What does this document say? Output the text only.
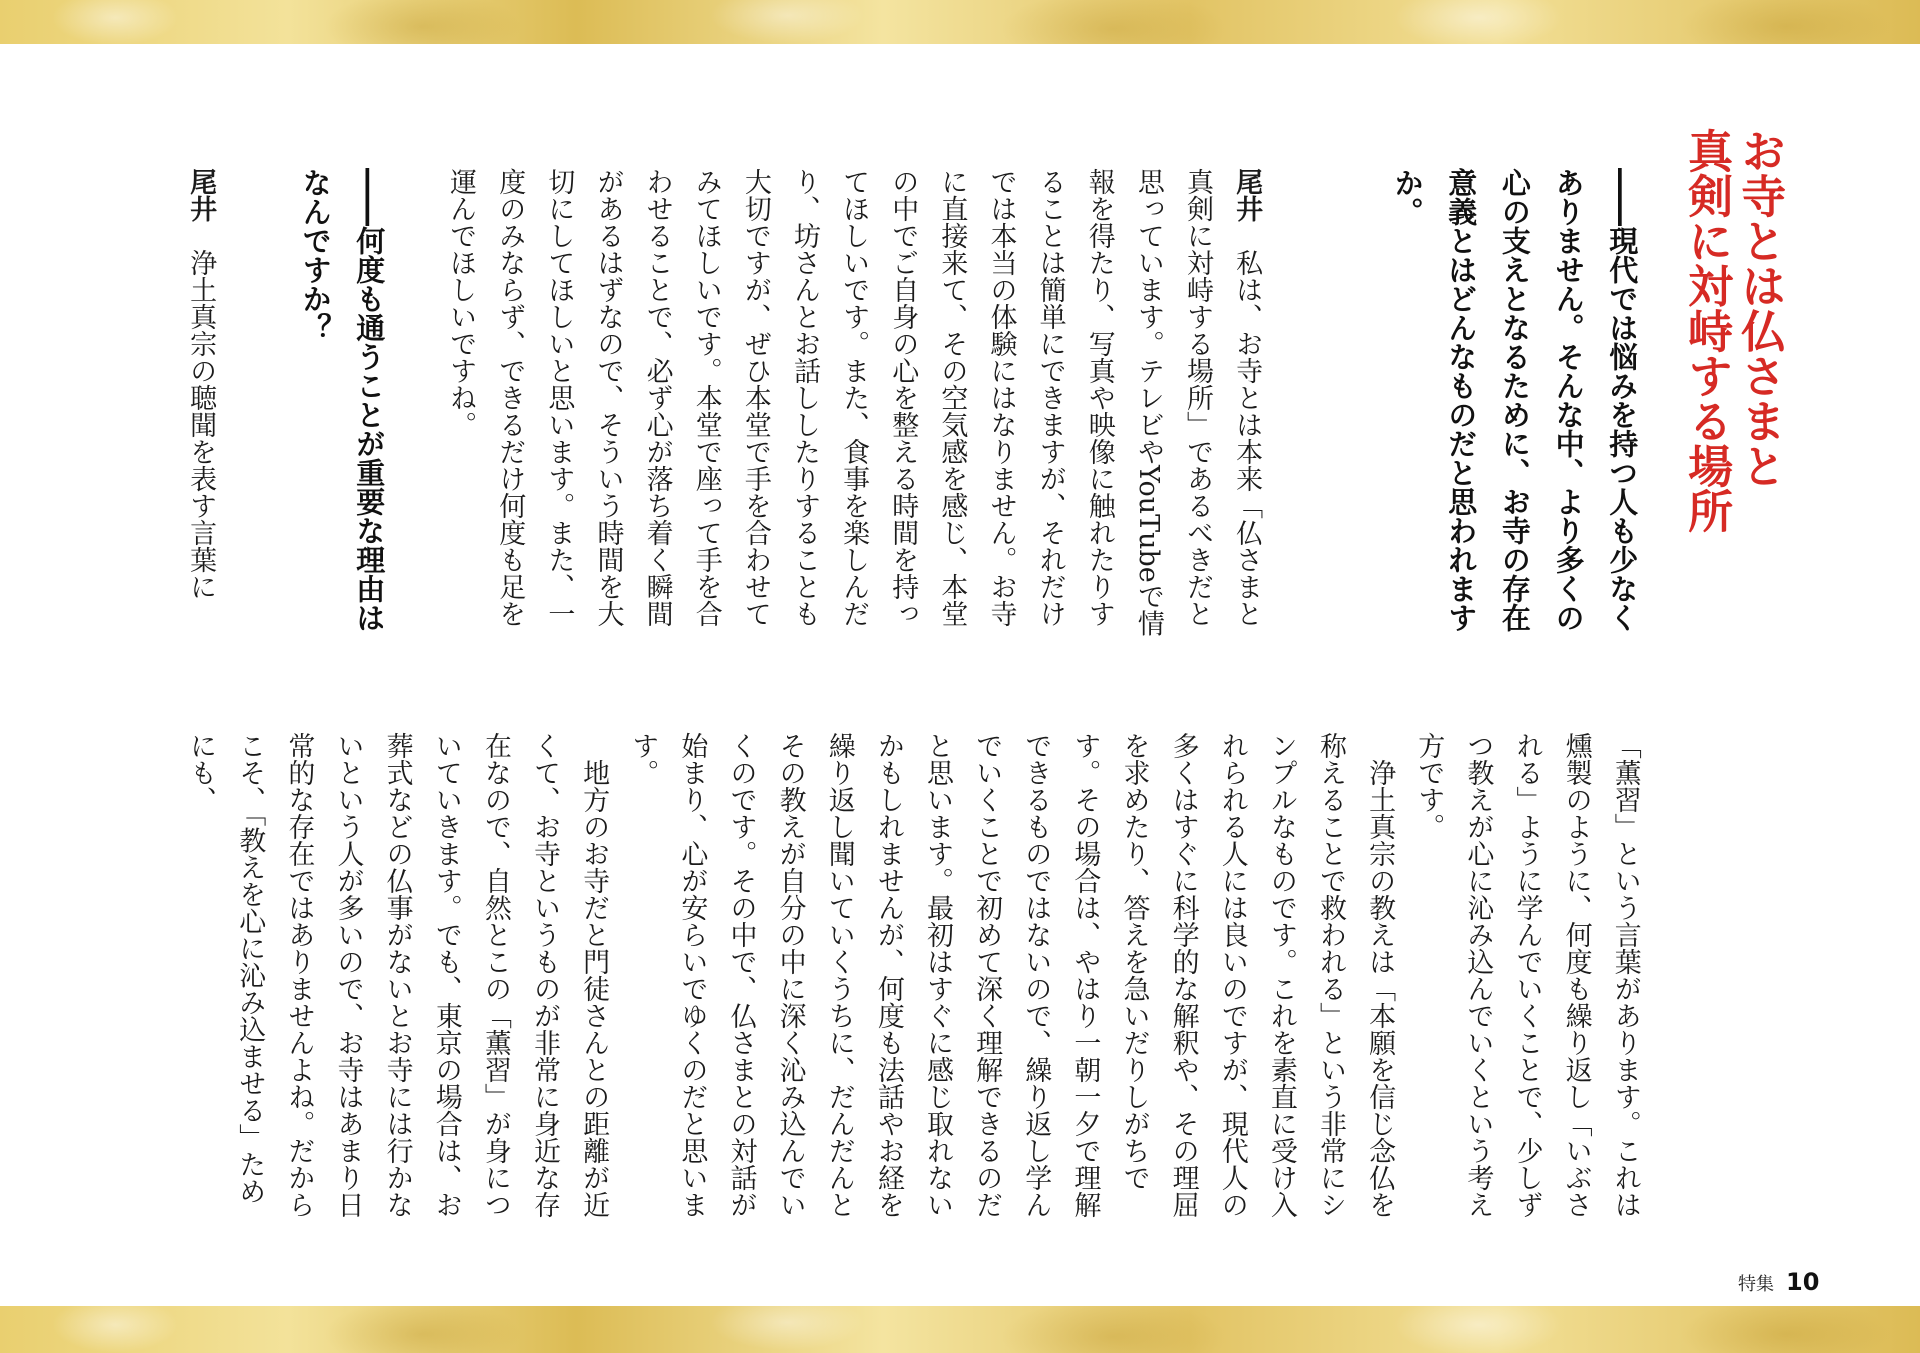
お寺とは仏さまと
真剣に対峙する場所
――現代では悩みを持つ人も少なくありません。そんな中、より多くの心の支えとなるために、お寺の存在意義とはどんなものだと思われますか。

尾井　私は、お寺とは本来「仏さまと真剣に対峙する場所」であるべきだと思っています。テレビやYouTubeで情報を得たり、写真や映像に触れたりすることは簡単にできますが、それだけでは本当の体験にはなりません。お寺に直接来て、その空気感を感じ、本堂の中でご自身の心を整える時間を持ってほしいです。また、食事を楽しんだり、坊さんとお話ししたりすることも大切ですが、ぜひ本堂で手を合わせてみてほしいです。本堂で座って手を合わせることで、必ず心が落ち着く瞬間があるはずなので、そういう時間を大切にしてほしいと思います。また、一度のみならず、できるだけ何度も足を運んでほしいですね。

――何度も通うことが重要な理由はなんですか？

尾井　浄土真宗の聴聞を表す言葉に

「薫習」という言葉があります。これは燻製のように、何度も繰り返し「いぶされる」ように学んでいくことで、少しずつ教えが心に沁み込んでいくという考え方です。

浄土真宗の教えは「本願を信じ念仏を称えることで救われる」という非常にシンプルなものです。これを素直に受け入れられる人には良いのですが、現代人の多くはすぐに科学的な解釈や、その理屈を求めたり、答えを急いだりしがちです。その場合は、やはり一朝一夕で理解できるものではないので、繰り返し学んでいくことで初めて深く理解できるのだと思います。最初はすぐに感じ取れないかもしれませんが、何度も法話やお経を繰り返し聞いていくうちに、だんだんとその教えが自分の中に深く沁み込んでいくのです。その中で、仏さまとの対話が始まり、心が安らいでゆくのだと思います。

地方のお寺だと門徒さんとの距離が近くて、お寺というものが非常に身近な存在なので、自然とこの「薫習」が身についていきます。でも、東京の場合は、お葬式などの仏事がないとお寺には行かないという人が多いので、お寺はあまり日常的な存在ではありませんよね。だからこそ、「教えを心に沁み込ませる」ためにも、

特集 10
